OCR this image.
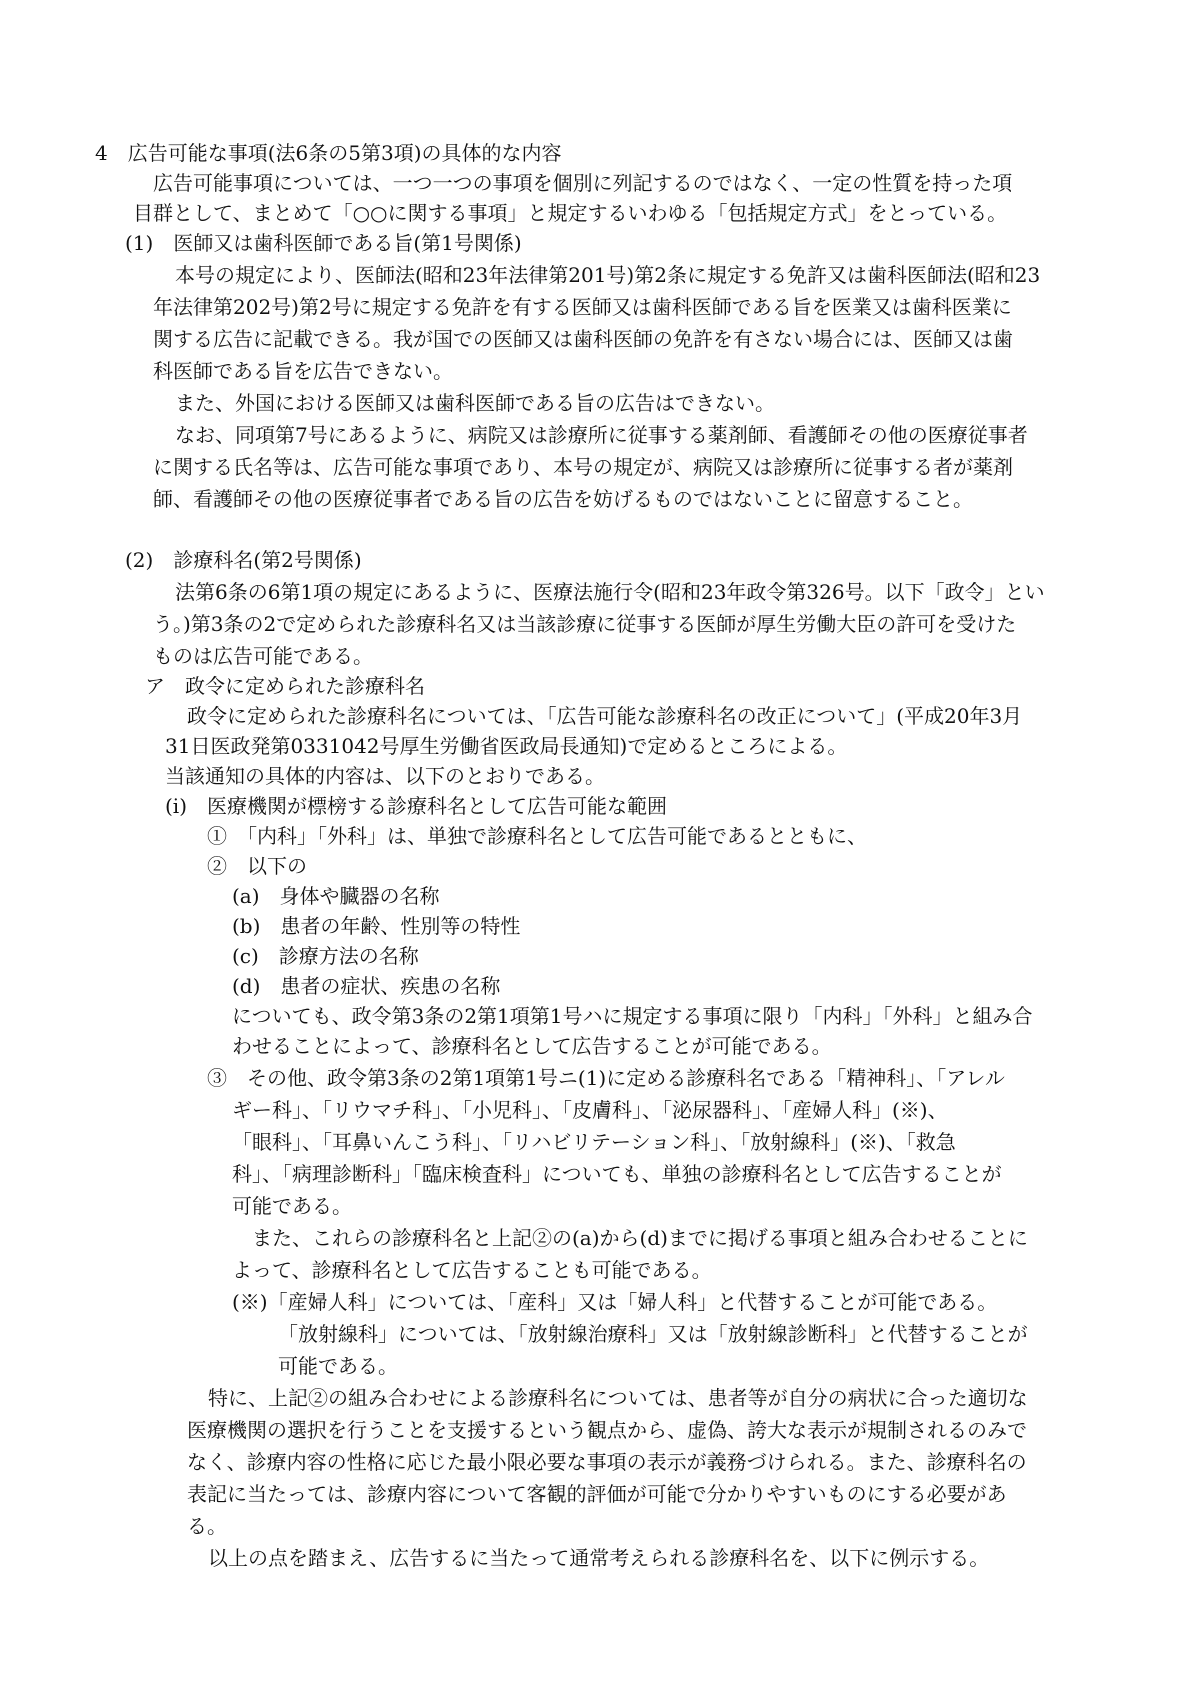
4　広告可能な事項(法6条の5第3項)の具体的な内容
広告可能事項については、一つ一つの事項を個別に列記するのではなく、一定の性質を持った項
目群として、まとめて「○○に関する事項」と規定するいわゆる「包括規定方式」をとっている。
(1)　医師又は歯科医師である旨(第1号関係)
本号の規定により、医師法(昭和23年法律第201号)第2条に規定する免許又は歯科医師法(昭和23
年法律第202号)第2号に規定する免許を有する医師又は歯科医師である旨を医業又は歯科医業に
関する広告に記載できる。我が国での医師又は歯科医師の免許を有さない場合には、医師又は歯
科医師である旨を広告できない。
また、外国における医師又は歯科医師である旨の広告はできない。
なお、同項第7号にあるように、病院又は診療所に従事する薬剤師、看護師その他の医療従事者
に関する氏名等は、広告可能な事項であり、本号の規定が、病院又は診療所に従事する者が薬剤
師、看護師その他の医療従事者である旨の広告を妨げるものではないことに留意すること。
(2)　診療科名(第2号関係)
法第6条の6第1項の規定にあるように、医療法施行令(昭和23年政令第326号。以下「政令」とい
う。)第3条の2で定められた診療科名又は当該診療に従事する医師が厚生労働大臣の許可を受けた
ものは広告可能である。
ア　政令に定められた診療科名
政令に定められた診療科名については、「広告可能な診療科名の改正について」(平成20年3月
31日医政発第0331042号厚生労働省医政局長通知)で定めるところによる。
当該通知の具体的内容は、以下のとおりである。
(i)　医療機関が標榜する診療科名として広告可能な範囲
①　「内科」「外科」は、単独で診療科名として広告可能であるとともに、
②　以下の
(a)　身体や臓器の名称
(b)　患者の年齢、性別等の特性
(c)　診療方法の名称
(d)　患者の症状、疾患の名称
についても、政令第3条の2第1項第1号ハに規定する事項に限り「内科」「外科」と組み合
わせることによって、診療科名として広告することが可能である。
③　その他、政令第3条の2第1項第1号ニ(1)に定める診療科名である「精神科」、「アレル
ギー科」、「リウマチ科」、「小児科」、「皮膚科」、「泌尿器科」、「産婦人科」(※)、
「眼科」、「耳鼻いんこう科」、「リハビリテーション科」、「放射線科」(※)、「救急
科」、「病理診断科」「臨床検査科」についても、単独の診療科名として広告することが
可能である。
また、これらの診療科名と上記②の(a)から(d)までに掲げる事項と組み合わせることに
よって、診療科名として広告することも可能である。
(※)「産婦人科」については、「産科」又は「婦人科」と代替することが可能である。
「放射線科」については、「放射線治療科」又は「放射線診断科」と代替することが
可能である。
特に、上記②の組み合わせによる診療科名については、患者等が自分の病状に合った適切な
医療機関の選択を行うことを支援するという観点から、虚偽、誇大な表示が規制されるのみで
なく、診療内容の性格に応じた最小限必要な事項の表示が義務づけられる。また、診療科名の
表記に当たっては、診療内容について客観的評価が可能で分かりやすいものにする必要があ
る。
以上の点を踏まえ、広告するに当たって通常考えられる診療科名を、以下に例示する。
